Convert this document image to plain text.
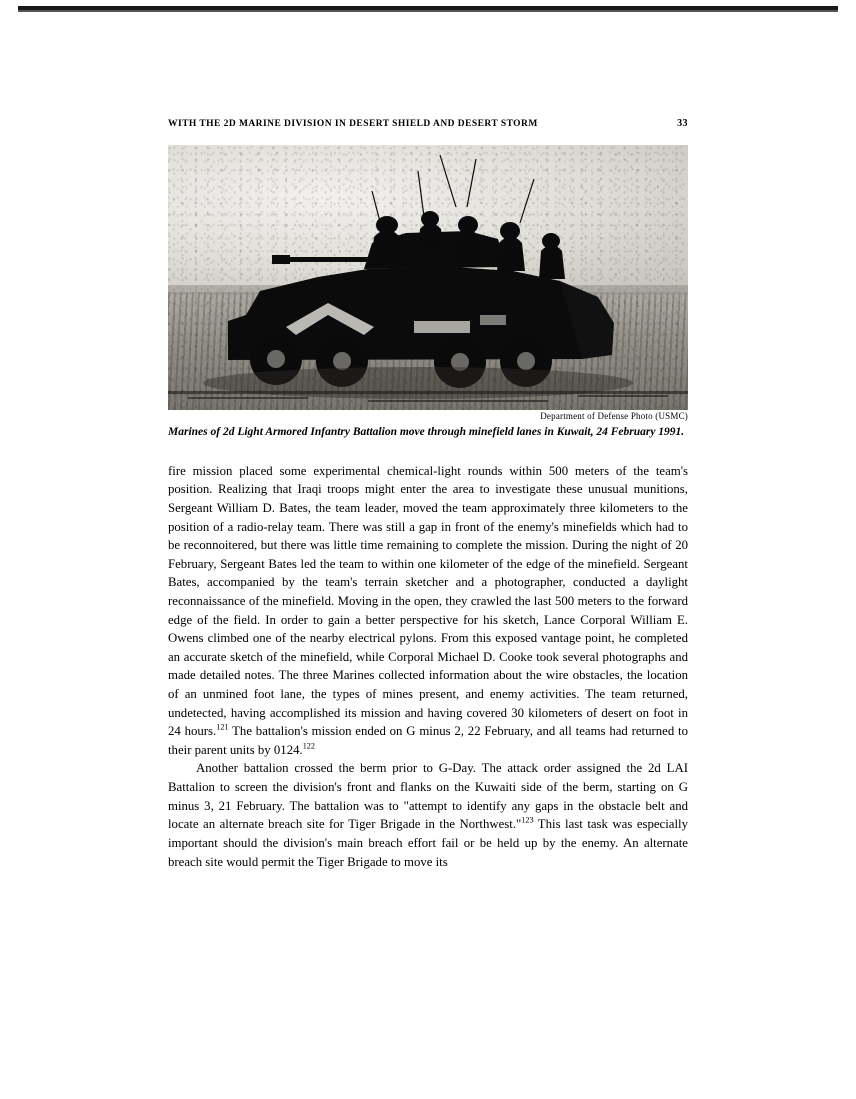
WITH THE 2D MARINE DIVISION IN DESERT SHIELD AND DESERT STORM	33
Department of Defense Photo (USMC)
Marines of 2d Light Armored Infantry Battalion move through minefield lanes in Kuwait, 24 February 1991.

fire mission placed some experimental chemical-light rounds within 500 meters of the team's position. Realizing that Iraqi troops might enter the area to investigate these unusual munitions, Sergeant William D. Bates, the team leader, moved the team approximately three kilometers to the position of a radio-relay team. There was still a gap in front of the enemy's minefields which had to be reconnoitered, but there was little time remaining to complete the mission. During the night of 20 February, Sergeant Bates led the team to within one kilometer of the edge of the minefield. Sergeant Bates, accompanied by the team's terrain sketcher and a photographer, conducted a daylight reconnaissance of the minefield. Moving in the open, they crawled the last 500 meters to the forward edge of the field. In order to gain a better perspective for his sketch, Lance Corporal William E. Owens climbed one of the nearby electrical pylons. From this exposed vantage point, he completed an accurate sketch of the minefield, while Corporal Michael D. Cooke took several photographs and made detailed notes. The three Marines collected information about the wire obstacles, the location of an unmined foot lane, the types of mines present, and enemy activities. The team returned, undetected, having accomplished its mission and having covered 30 kilometers of desert on foot in 24 hours.$^{121}$ The battalion's mission ended on G minus 2, 22 February, and all teams had returned to their parent units by 0124.$^{122}$

Another battalion crossed the berm prior to G-Day. The attack order assigned the 2d LAI Battalion to screen the division's front and flanks on the Kuwaiti side of the berm, starting on G minus 3, 21 February. The battalion was to "attempt to identify any gaps in the obstacle belt and locate an alternate breach site for Tiger Brigade in the Northwest."$^{123}$ This last task was especially important should the division's main breach effort fail or be held up by the enemy. An alternate breach site would permit the Tiger Brigade to move its
